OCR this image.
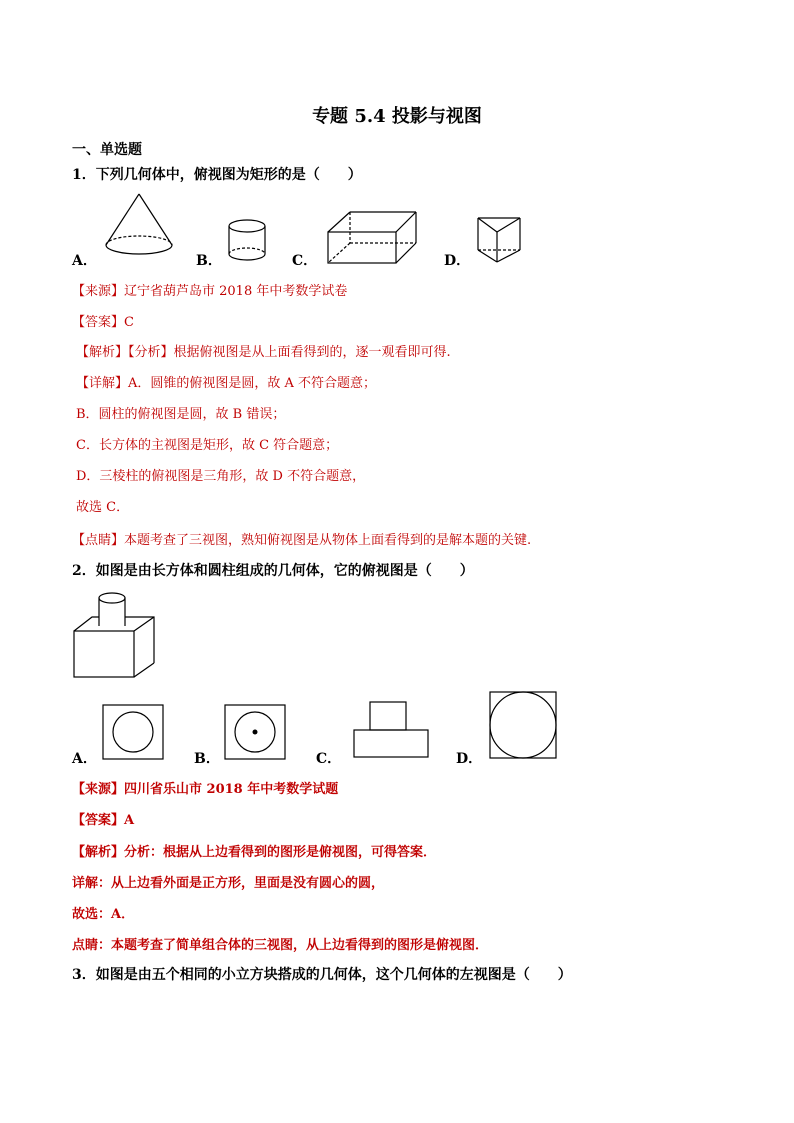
专题 5.4 投影与视图
一、单选题
1．下列几何体中，俯视图为矩形的是（　　）
A．	B．	C．	D．
【来源】辽宁省葫芦岛市 2018 年中考数学试卷
【答案】C
【解析】【分析】根据俯视图是从上面看得到的，逐一观看即可得.
【详解】A．圆锥的俯视图是圆，故 A 不符合题意；
B．圆柱的俯视图是圆，故 B 错误；
C．长方体的主视图是矩形，故 C 符合题意；
D．三棱柱的俯视图是三角形，故 D 不符合题意，
故选 C．
【点睛】本题考查了三视图，熟知俯视图是从物体上面看得到的是解本题的关键.
2．如图是由长方体和圆柱组成的几何体，它的俯视图是（　　）
A．	B．	C．	D．
【来源】四川省乐山市 2018 年中考数学试题
【答案】A
【解析】分析：根据从上边看得到的图形是俯视图，可得答案．
详解：从上边看外面是正方形，里面是没有圆心的圆，
故选：A．
点睛：本题考查了简单组合体的三视图，从上边看得到的图形是俯视图．
3．如图是由五个相同的小立方块搭成的几何体，这个几何体的左视图是（　　）
